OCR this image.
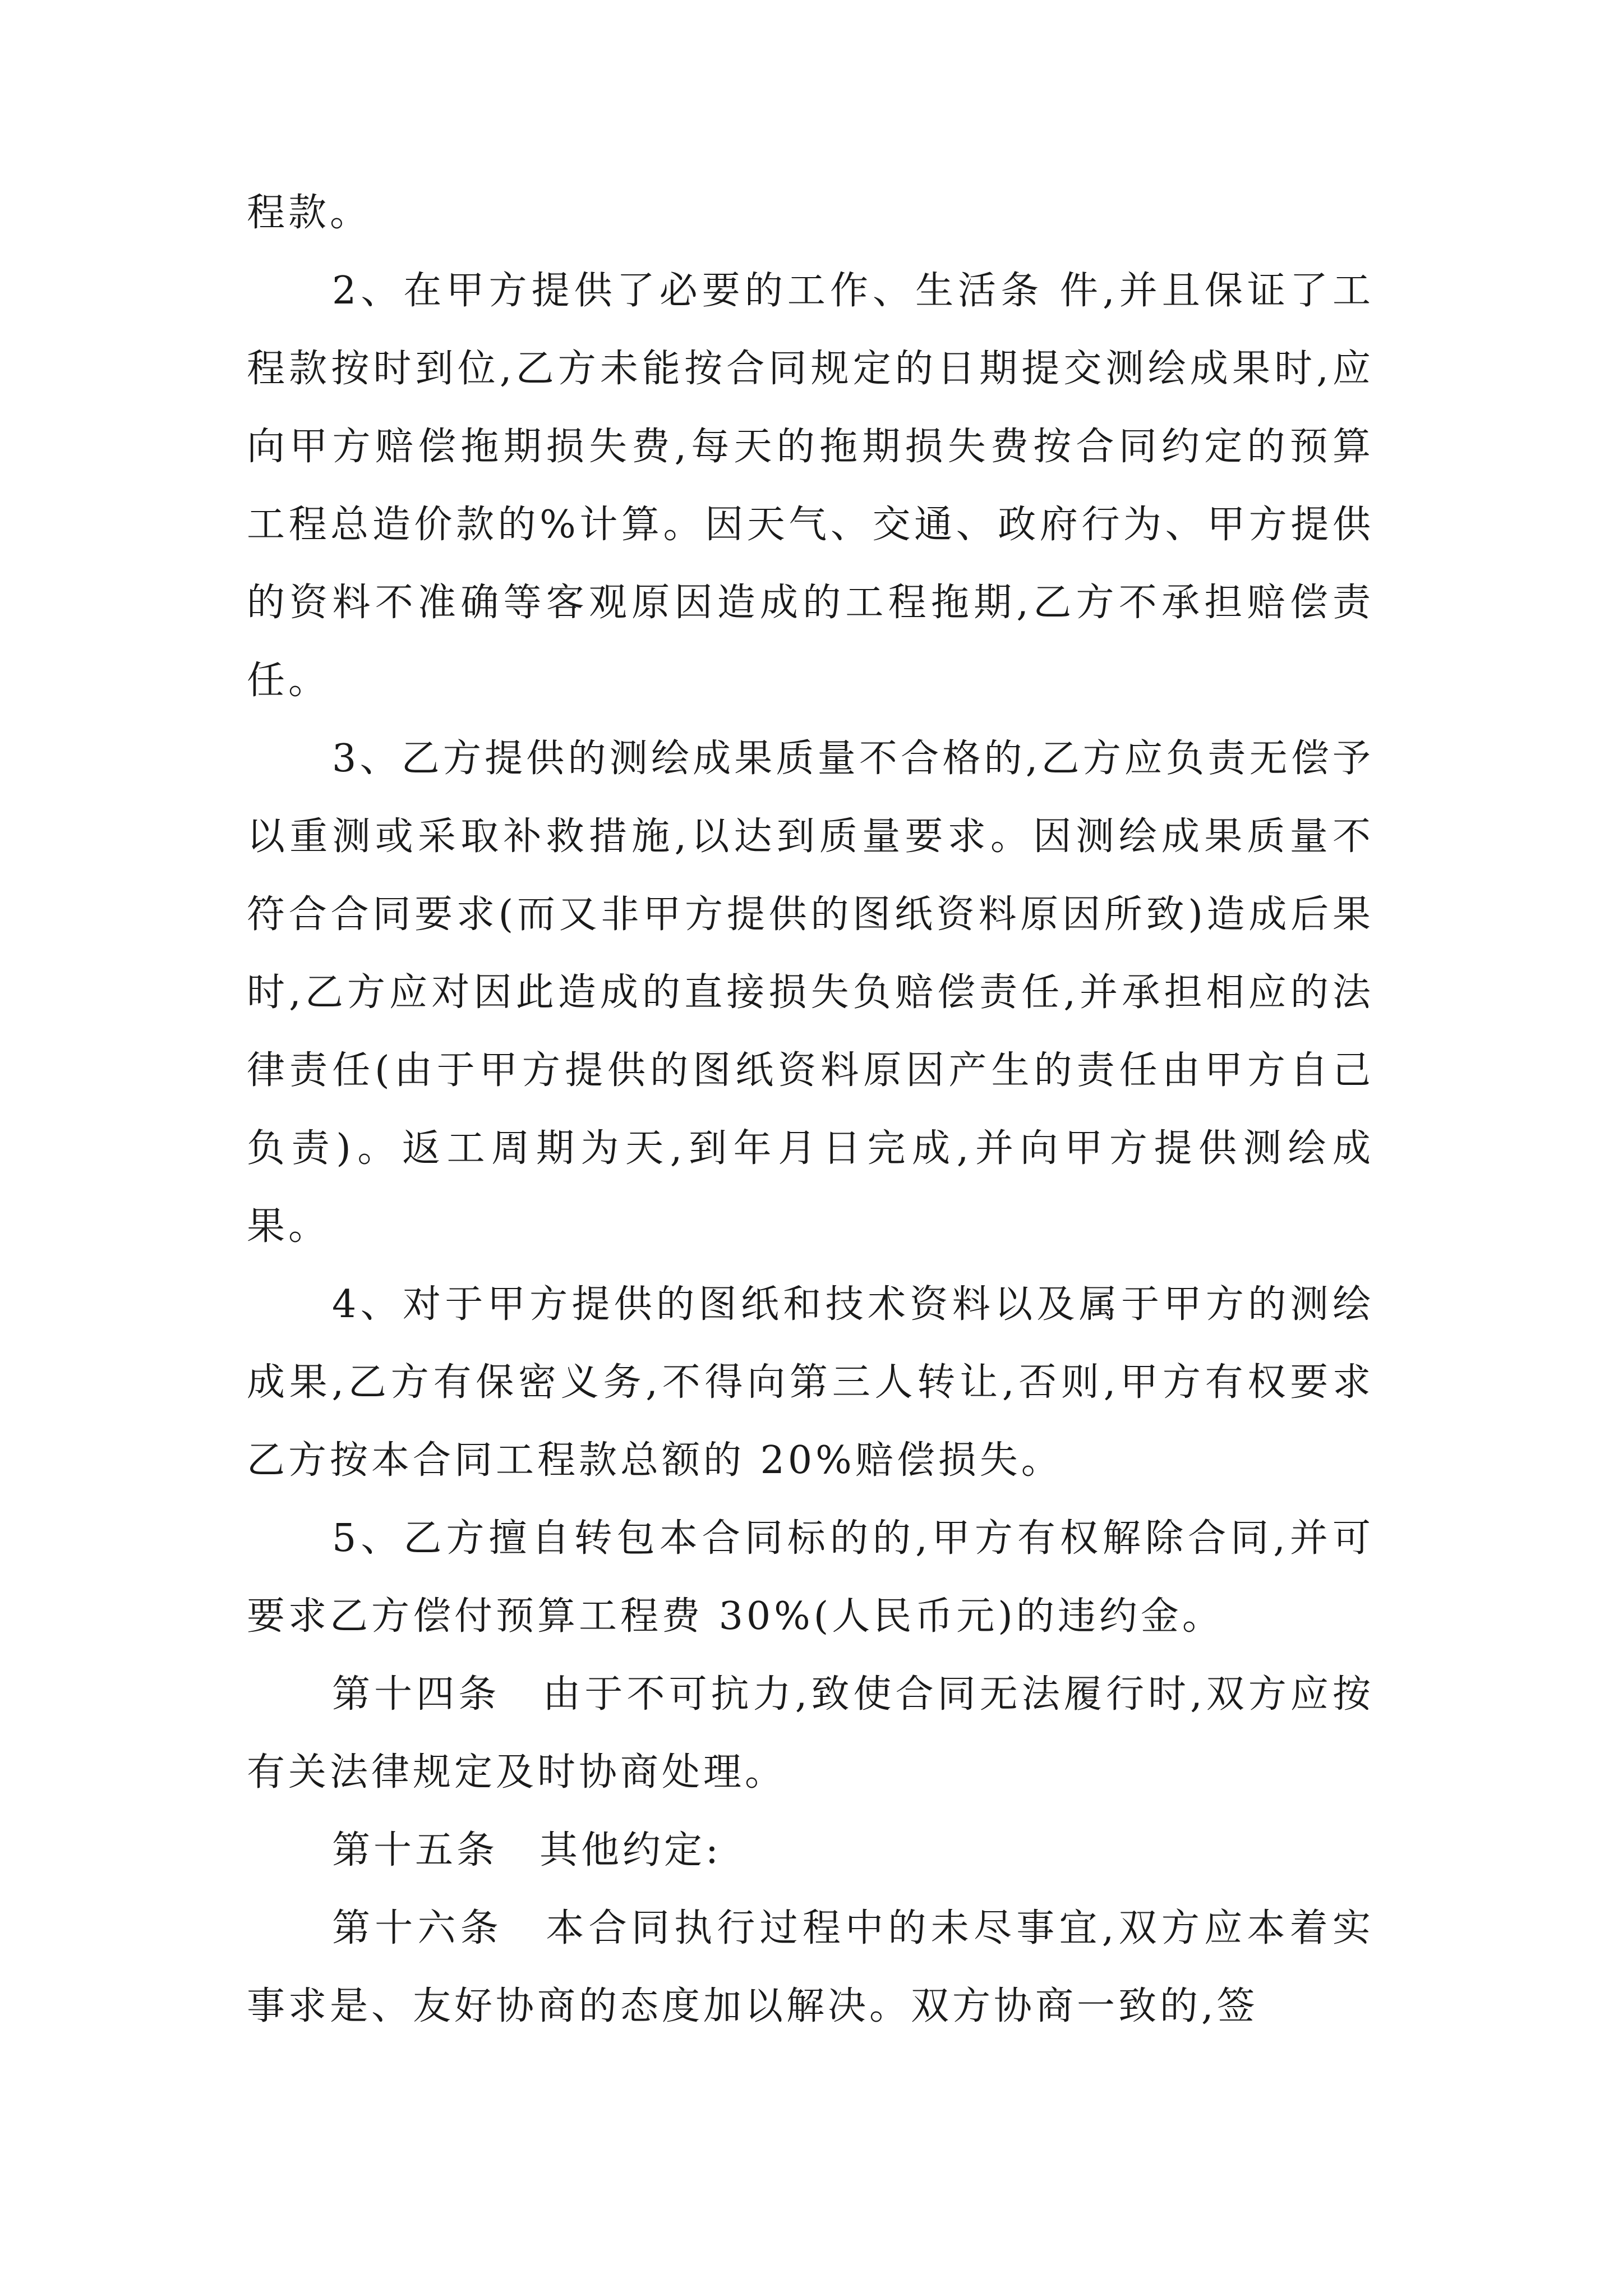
程款。

2、在甲方提供了必要的工作、生活条 件,并且保证了工程款按时到位,乙方未能按合同规定的日期提交测绘成果时,应向甲方赔偿拖期损失费,每天的拖期损失费按合同约定的预算工程总造价款的%计算。因天气、交通、政府行为、甲方提供的资料不准确等客观原因造成的工程拖期,乙方不承担赔偿责任。

3、乙方提供的测绘成果质量不合格的,乙方应负责无偿予以重测或采取补救措施,以达到质量要求。因测绘成果质量不符合合同要求(而又非甲方提供的图纸资料原因所致)造成后果时,乙方应对因此造成的直接损失负赔偿责任,并承担相应的法律责任(由于甲方提供的图纸资料原因产生的责任由甲方自己负责)。返工周期为天,到年月日完成,并向甲方提供测绘成果。

4、对于甲方提供的图纸和技术资料以及属于甲方的测绘成果,乙方有保密义务,不得向第三人转让,否则,甲方有权要求乙方按本合同工程款总额的 20%赔偿损失。

5、乙方擅自转包本合同标的的,甲方有权解除合同,并可要求乙方偿付预算工程费 30%(人民币元)的违约金。

第十四条　由于不可抗力,致使合同无法履行时,双方应按有关法律规定及时协商处理。

第十五条　其他约定:

第十六条　本合同执行过程中的未尽事宜,双方应本着实事求是、友好协商的态度加以解决。双方协商一致的,签
